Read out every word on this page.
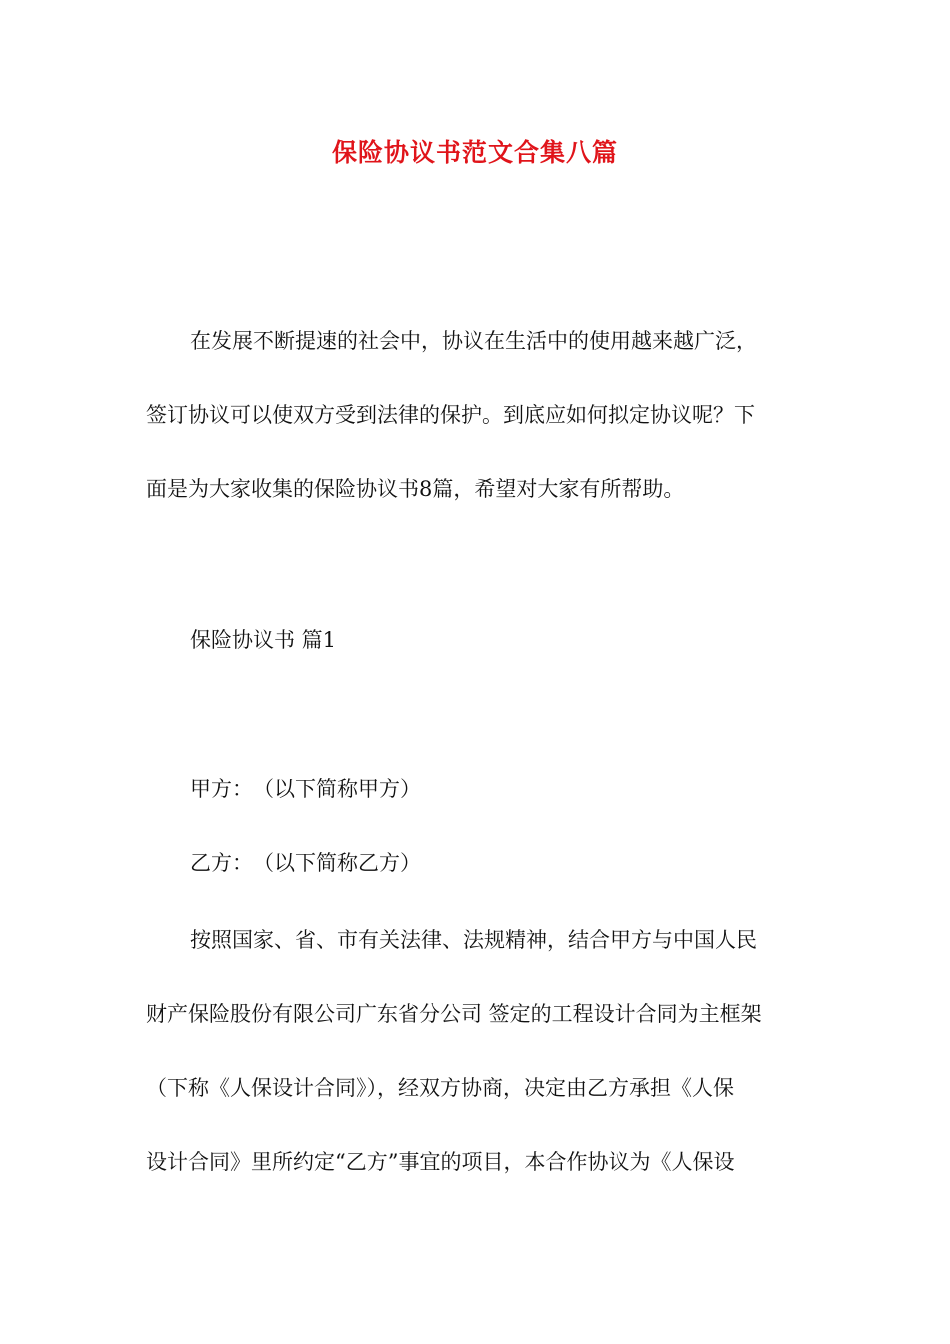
保险协议书范文合集八篇
在发展不断提速的社会中，协议在生活中的使用越来越广泛，
签订协议可以使双方受到法律的保护。到底应如何拟定协议呢？下
面是为大家收集的保险协议书8篇，希望对大家有所帮助。
保险协议书 篇1
甲方：　（以下简称甲方）
乙方：　（以下简称乙方）
按照国家、省、市有关法律、法规精神，结合甲方与中国人民
财产保险股份有限公司广东省分公司 签定的工程设计合同为主框架
（下称《人保设计合同》），经双方协商，决定由乙方承担《人保
设计合同》里所约定“乙方”事宜的项目，本合作协议为《人保设
